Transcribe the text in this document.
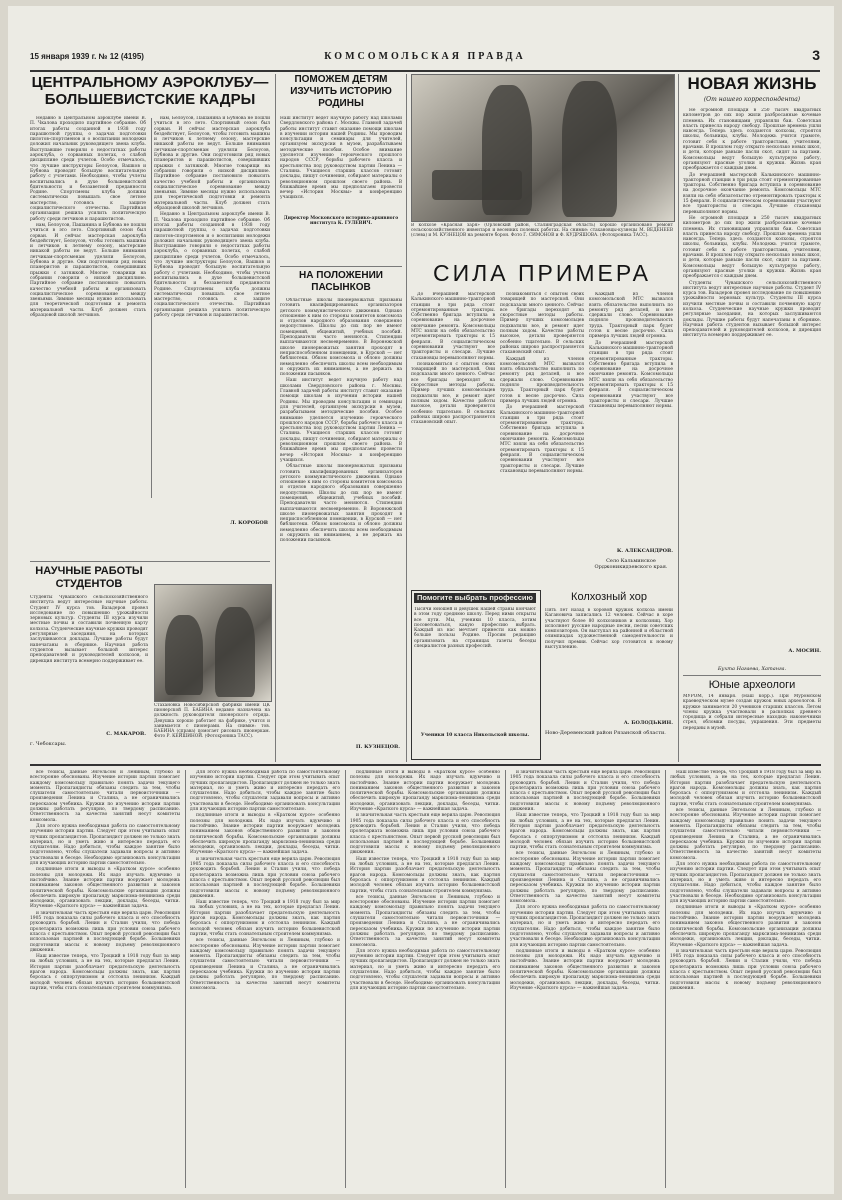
15 января 1939 г. № 12 (4195)	КОМСОМОЛЬСКАЯ ПРАВДА	3
ЦЕНТРАЛЬНОМУ АЭРОКЛУБУ— БОЛЬШЕВИСТСКИЕ КАДРЫ

Недавно в Центральном аэроклубе имени В. П. Чкалова проходило партийное собрание. Об итогах работы созданной в 1938 году парашютной группы, о задачах подготовки пилотов-спортсменов и о воспитании молодежи доложил начальник руководящего звена клуба. Выступавшие говорили о недостатках работы аэроклуба, о сорванных полетах, о слабой дисциплине среди учлетов. Особо отмечалось, что лучшие инструкторы Белоусов, Вашков и Бубнова проводят большую воспитательную работу с учлетами. Необходимо, чтобы учлеты воспитывались в духе большевистской бдительности и беззаветной преданности Родине. Спортсмены клуба должны систематически повышать свое летное мастерство, готовясь к защите социалистического отечества. Партийная организация решила усилить политическую работу среди летчиков и парашютистов.

нам, Белоусов, Пашанина и Бубнова не пошли учиться в это лето. Спортивный сезон был сорван. И сейчас мастерская аэроклуба бездействует, Белоусов, чтобы готовить машины и летчиков к летнему сезону, мастерские никакой работы не ведут. Больше внимания летчикам-спортсменам уделяли Белоусов, Бубнова и другие. Они подготовили ряд новых планеристов и парашютистов, совершивших прыжки с затяжкой. Многие товарищи на собрании говорили о низкой дисциплине. Партийное собрание постановило повысить качество учебной работы и организовать социалистическое соревнование между звеньями. Зимние месяцы нужно использовать для теоретической подготовки и ремонта материальной части. Клуб должен стать образцовой школой летчиков.

нам, Белоусов, Пашанина и Бубнова не пошли учиться в это лето. Спортивный сезон был сорван. И сейчас мастерская аэроклуба бездействует, Белоусов, чтобы готовить машины и летчиков к летнему сезону, мастерские никакой работы не ведут. Больше внимания летчикам-спортсменам уделяли Белоусов, Бубнова и другие. Они подготовили ряд новых планеристов и парашютистов, совершивших прыжки с затяжкой. Многие товарищи на собрании говорили о низкой дисциплине. Партийное собрание постановило повысить качество учебной работы и организовать социалистическое соревнование между звеньями. Зимние месяцы нужно использовать для теоретической подготовки и ремонта материальной части. Клуб должен стать образцовой школой летчиков.

Недавно в Центральном аэроклубе имени В. П. Чкалова проходило партийное собрание. Об итогах работы созданной в 1938 году парашютной группы, о задачах подготовки пилотов-спортсменов и о воспитании молодежи доложил начальник руководящего звена клуба. Выступавшие говорили о недостатках работы аэроклуба, о сорванных полетах, о слабой дисциплине среди учлетов. Особо отмечалось, что лучшие инструкторы Белоусов, Вашков и Бубнова проводят большую воспитательную работу с учлетами. Необходимо, чтобы учлеты воспитывались в духе большевистской бдительности и беззаветной преданности Родине. Спортсмены клуба должны систематически повышать свое летное мастерство, готовясь к защите социалистического отечества. Партийная организация решила усилить политическую работу среди летчиков и парашютистов.

Л. КОРОБОВ
НАУЧНЫЕ РАБОТЫ СТУДЕНТОВ
Студенты Чувашского сельскохозяйственного института ведут интересные научные работы. Студент IV курса тов. Вазьдеров провел исследование по повышению урожайности зерновых культур. Студенты III курса изучили местные почвы и составили почвенную карту колхоза. Студенческие научные кружки проводят регулярные заседания, на которых заслушиваются доклады. Лучшие работы будут напечатаны в сборнике. Научная работа студентов вызывает большой интерес преподавателей и руководителей колхозов, и дирекция института всемерно поддерживает ее.
С. МАКАРОВ.
г. Чебоксары.
Стахановка Новосибирской фабрики имени ЦК пионерской П. БАБИНА недавно назначена на должность руководителя пионерского отряда. Девушка хорошо работает на фабрике, учится и занимается с пионерами. На снимке: тов. БАБИНА (справа) помогает рисовать пионеркам. Фото Р. КЕЙШИНОЙ. (Фотохроника ТАСС).
ПОМОЖЕМ ДЕТЯМ ИЗУЧИТЬ ИСТОРИЮ РОДИНЫ
Наш институт ведет научную работу над школами Свердловского района г. Москвы. Главной задачей работы институт ставит оказание помощи школам в изучении истории нашей Родины. Мы проводим консультации и семинары для учителей, организуем экскурсии в музеи, разрабатываем методические пособия. Особое внимание уделяется изучению героического прошлого народов СССР, борьбы рабочего класса и крестьянства под руководством партии Ленина — Сталина. Учащиеся старших классов готовят доклады, пишут сочинения, собирают материалы о революционном прошлом своего района. В ближайшее время мы предполагаем провести вечер «История Москвы» и конференцию учащихся.
Директор Московского историко-архивного института К. ГУЛЕВИЧ.
НА ПОЛОЖЕНИИ ПАСЫНКОВ

Областные школы пионервожатых призваны готовить квалифицированных организаторов детского коммунистического движения. Однако отношение к ним со стороны комитетов комсомола и отделов народного образования совершенно недопустимое. Школы до сих пор не имеют помещений, общежитий, учебных пособий. Преподаватели часто меняются. Стипендии выплачиваются несвоевременно. В Воронежской школе пионервожатых занятия проходят в неприспособленном помещении, в Курской — нет библиотеки. Обком комсомола и облоно должны немедленно обеспечить школы всем необходимым и окружить их вниманием, а не держать на положении пасынков.

Наш институт ведет научную работу над школами Свердловского района г. Москвы. Главной задачей работы институт ставит оказание помощи школам в изучении истории нашей Родины. Мы проводим консультации и семинары для учителей, организуем экскурсии в музеи, разрабатываем методические пособия. Особое внимание уделяется изучению героического прошлого народов СССР, борьбы рабочего класса и крестьянства под руководством партии Ленина — Сталина. Учащиеся старших классов готовят доклады, пишут сочинения, собирают материалы о революционном прошлом своего района. В ближайшее время мы предполагаем провести вечер «История Москвы» и конференцию учащихся.

Областные школы пионервожатых призваны готовить квалифицированных организаторов детского коммунистического движения. Однако отношение к ним со стороны комитетов комсомола и отделов народного образования совершенно недопустимое. Школы до сих пор не имеют помещений, общежитий, учебных пособий. Преподаватели часто меняются. Стипендии выплачиваются несвоевременно. В Воронежской школе пионервожатых занятия проходят в неприспособленном помещении, в Курской — нет библиотеки. Обком комсомола и облоно должны немедленно обеспечить школы всем необходимым и окружить их вниманием, а не держать на положении пасынков.

П. КУЗНЕЦОВ.
В колхозе «Красная заря» (Орловский район, Сталинградская область) хорошо организовано ремонт сельскохозяйственного инвентаря и весенних полевых работах. На снимке: стахановцы-кузнецы М. ВЕДЕНЕЕВ (слева) и М. КУЗНЕЦОВ на ремонте борон. Фото Г. СИМОНОВ и Ф. КУДРЯШОВА. (Фотохроника ТАСС).
СИЛА ПРИМЕРА

До вчерашней мастерской Калькинского машинно-тракторной станции в три ряда стоят отремонтированные тракторы. Собственно бригада вступила в соревнование на досрочное окончание ремонта. Комсомольцы МТС взяли на себя обязательство отремонтировать тракторы к 15 февраля. В социалистическом соревновании участвуют все трактористы и слесари. Лучшие стахановцы перевыполняют нормы.

познакомиться с опытом своих товарищей по мастерской. Они подсказали много ценного. Сейчас все бригады переходят на скоростные методы работы. Пример лучших комсомольцев подхватили все, и ремонт идет полным ходом. Качество работы высокое, детали проверяются особенно тщательно. В сельских районах широко распространяется стахановский опыт.

познакомиться с опытом своих товарищей по мастерской. Они подсказали много ценного. Сейчас все бригады переходят на скоростные методы работы. Пример лучших комсомольцев подхватили все, и ремонт идет полным ходом. Качество работы высокое, детали проверяются особенно тщательно. В сельских районах широко распространяется стахановский опыт.

Каждый из членов комсомольской МТС вызвался взять обязательство выполнить по ремонту ряд деталей, и все сдержали слово. Соревнование подняло производительность труда. Тракторный парк будет готов к весне досрочно. Сила примера лучших людей огромна.

До вчерашней мастерской Калькинского машинно-тракторной станции в три ряда стоят отремонтированные тракторы. Собственно бригада вступила в соревнование на досрочное окончание ремонта. Комсомольцы МТС взяли на себя обязательство отремонтировать тракторы к 15 февраля. В социалистическом соревновании участвуют все трактористы и слесари. Лучшие стахановцы перевыполняют нормы.

Каждый из членов комсомольской МТС вызвался взять обязательство выполнить по ремонту ряд деталей, и все сдержали слово. Соревнование подняло производительность труда. Тракторный парк будет готов к весне досрочно. Сила примера лучших людей огромна.

До вчерашней мастерской Калькинского машинно-тракторной станции в три ряда стоят отремонтированные тракторы. Собственно бригада вступила в соревнование на досрочное окончание ремонта. Комсомольцы МТС взяли на себя обязательство отремонтировать тракторы к 15 февраля. В социалистическом соревновании участвуют все трактористы и слесари. Лучшие стахановцы перевыполняют нормы.

К. АЛЕКСАНДРОВ.
Село Кальминское Орджоникидзевского края.
Помогите выбрать профессию
Тысячи юношей и девушек нашей страны кончают в этом году среднюю школу. Перед ними открыты все пути. Мы, ученики 10 класса, хотим посоветоваться, какую профессию выбрать. Каждый из нас мечтает принести как можно больше пользы Родине. Просим редакцию организовать на страницах газеты беседы специалистов разных профессий.
Ученики 10 класса Никольской школы.
Колхозный хор
Пять лет назад в хоровой кружок колхоза имени Кагановича записались 12 человек. Сейчас в хоре участвуют более 80 колхозников и колхозниц. Хор исполняет русские народные песни, песни советских композиторов. Он выступал на районной и областной олимпиадах художественной самодеятельности и получил премии. Сейчас хор готовится к новому выступлению.
А. БОЛОДЬКИН.
Ново-Деревенский район Рязанской области.
НОВАЯ ЖИЗНЬ
(От нашего корреспондента)

Не огромной площади в 250 тысяч квадратных километров до сих пор жили разбросанные кочевые племена. Их становищами управляли баи. Советская власть принесла народу свободу. Прошлые времена ушли навсегда. Теперь здесь создаются колхозы, строятся школы, больницы, клубы. Молодежь учится грамоте, готовит себя к работе трактористами, учителями, врачами. В прошлом году открыто несколько новых школ, и дети, которые раньше пасли скот, сидят за партами. Комсомольцы ведут большую культурную работу, организуют красные уголки и кружки. Жизнь края преображается с каждым днем.

До вчерашней мастерской Калькинского машинно-тракторной станции в три ряда стоят отремонтированные тракторы. Собственно бригада вступила в соревнование на досрочное окончание ремонта. Комсомольцы МТС взяли на себя обязательство отремонтировать тракторы к 15 февраля. В социалистическом соревновании участвуют все трактористы и слесари. Лучшие стахановцы перевыполняют нормы.

Не огромной площади в 250 тысяч квадратных километров до сих пор жили разбросанные кочевые племена. Их становищами управляли баи. Советская власть принесла народу свободу. Прошлые времена ушли навсегда. Теперь здесь создаются колхозы, строятся школы, больницы, клубы. Молодежь учится грамоте, готовит себя к работе трактористами, учителями, врачами. В прошлом году открыто несколько новых школ, и дети, которые раньше пасли скот, сидят за партами. Комсомольцы ведут большую культурную работу, организуют красные уголки и кружки. Жизнь края преображается с каждым днем.

Студенты Чувашского сельскохозяйственного института ведут интересные научные работы. Студент IV курса тов. Вазьдеров провел исследование по повышению урожайности зерновых культур. Студенты III курса изучили местные почвы и составили почвенную карту колхоза. Студенческие научные кружки проводят регулярные заседания, на которых заслушиваются доклады. Лучшие работы будут напечатаны в сборнике. Научная работа студентов вызывает большой интерес преподавателей и руководителей колхозов, и дирекция института всемерно поддерживает ее.

А. МОСИН.
Бухта Нагаева, Хатанга.
Юные археологи
МУРОМ, 14 января. (Наш корр.). При Муромском краеведческом музее создан кружок юных археологов. В кружке занимается 20 учеников старших классов. Летом члены кружка участвовали в раскопках древнего городища и собрали интересные находки: наконечники стрел, обломки посуды, украшения. Эти предметы переданы в музей.

все тезисы, данные Энгельсом и Лениным, глубоко и всесторонне обоснованы. Изучение истории партии помогает каждому комсомольцу правильно понять задачи текущего момента. Пропагандисты обязаны следить за тем, чтобы слушатели самостоятельно читали первоисточники — произведения Ленина и Сталина, а не ограничивались пересказом учебника. Кружки по изучению истории партии должны работать регулярно, по твердому расписанию. Ответственность за качество занятий несут комитеты комсомола.

Для этого нужна необходимая работа по самостоятельному изучению истории партии. Следует при этом учитывать опыт лучших пропагандистов. Пропагандист должен не только знать материал, но и уметь живо и интересно передать его слушателям. Надо добиться, чтобы каждое занятие было подготовлено, чтобы слушатели задавали вопросы и активно участвовали в беседе. Необходимо организовать консультации для изучающих историю партии самостоятельно.

подлинные итоги и выводы в «Кратком курсе» особенно полезны для молодежи. Их надо изучать вдумчиво и настойчиво. Знание истории партии вооружает молодежь пониманием законов общественного развития и законов политической борьбы. Комсомольские организации должны обеспечить широкую пропаганду марксизма-ленинизма среди молодежи, организовать лекции, доклады, беседы, читки. Изучение «Краткого курса» — важнейшая задача.

и значительная часть крестьян еще верила царю. Революция 1905 года показала силы рабочего класса и его способность руководить борьбой. Ленин и Сталин учили, что победа пролетариата возможна лишь при условии союза рабочего класса с крестьянством. Опыт первой русской революции был использован партией в последующей борьбе. Большевики подготовили массы к новому подъему революционного движения.

Наш известие теперь, что Троцкий в 1918 году был за мир на любых условиях, а не на тех, которые предлагал Ленин. История партии разоблачает предательскую деятельность врагов народа. Комсомольцы должны знать, как партия боролась с оппортунизмом и отстояла ленинизм. Каждый молодой человек обязан изучить историю большевистской партии, чтобы стать сознательным строителем коммунизма.

Для этого нужна необходимая работа по самостоятельному изучению истории партии. Следует при этом учитывать опыт лучших пропагандистов. Пропагандист должен не только знать материал, но и уметь живо и интересно передать его слушателям. Надо добиться, чтобы каждое занятие было подготовлено, чтобы слушатели задавали вопросы и активно участвовали в беседе. Необходимо организовать консультации для изучающих историю партии самостоятельно.

подлинные итоги и выводы в «Кратком курсе» особенно полезны для молодежи. Их надо изучать вдумчиво и настойчиво. Знание истории партии вооружает молодежь пониманием законов общественного развития и законов политической борьбы. Комсомольские организации должны обеспечить широкую пропаганду марксизма-ленинизма среди молодежи, организовать лекции, доклады, беседы, читки. Изучение «Краткого курса» — важнейшая задача.

и значительная часть крестьян еще верила царю. Революция 1905 года показала силы рабочего класса и его способность руководить борьбой. Ленин и Сталин учили, что победа пролетариата возможна лишь при условии союза рабочего класса с крестьянством. Опыт первой русской революции был использован партией в последующей борьбе. Большевики подготовили массы к новому подъему революционного движения.

Наш известие теперь, что Троцкий в 1918 году был за мир на любых условиях, а не на тех, которые предлагал Ленин. История партии разоблачает предательскую деятельность врагов народа. Комсомольцы должны знать, как партия боролась с оппортунизмом и отстояла ленинизм. Каждый молодой человек обязан изучить историю большевистской партии, чтобы стать сознательным строителем коммунизма.

все тезисы, данные Энгельсом и Лениным, глубоко и всесторонне обоснованы. Изучение истории партии помогает каждому комсомольцу правильно понять задачи текущего момента. Пропагандисты обязаны следить за тем, чтобы слушатели самостоятельно читали первоисточники — произведения Ленина и Сталина, а не ограничивались пересказом учебника. Кружки по изучению истории партии должны работать регулярно, по твердому расписанию. Ответственность за качество занятий несут комитеты комсомола.

подлинные итоги и выводы в «Кратком курсе» особенно полезны для молодежи. Их надо изучать вдумчиво и настойчиво. Знание истории партии вооружает молодежь пониманием законов общественного развития и законов политической борьбы. Комсомольские организации должны обеспечить широкую пропаганду марксизма-ленинизма среди молодежи, организовать лекции, доклады, беседы, читки. Изучение «Краткого курса» — важнейшая задача.

и значительная часть крестьян еще верила царю. Революция 1905 года показала силы рабочего класса и его способность руководить борьбой. Ленин и Сталин учили, что победа пролетариата возможна лишь при условии союза рабочего класса с крестьянством. Опыт первой русской революции был использован партией в последующей борьбе. Большевики подготовили массы к новому подъему революционного движения.

Наш известие теперь, что Троцкий в 1918 году был за мир на любых условиях, а не на тех, которые предлагал Ленин. История партии разоблачает предательскую деятельность врагов народа. Комсомольцы должны знать, как партия боролась с оппортунизмом и отстояла ленинизм. Каждый молодой человек обязан изучить историю большевистской партии, чтобы стать сознательным строителем коммунизма.

все тезисы, данные Энгельсом и Лениным, глубоко и всесторонне обоснованы. Изучение истории партии помогает каждому комсомольцу правильно понять задачи текущего момента. Пропагандисты обязаны следить за тем, чтобы слушатели самостоятельно читали первоисточники — произведения Ленина и Сталина, а не ограничивались пересказом учебника. Кружки по изучению истории партии должны работать регулярно, по твердому расписанию. Ответственность за качество занятий несут комитеты комсомола.

Для этого нужна необходимая работа по самостоятельному изучению истории партии. Следует при этом учитывать опыт лучших пропагандистов. Пропагандист должен не только знать материал, но и уметь живо и интересно передать его слушателям. Надо добиться, чтобы каждое занятие было подготовлено, чтобы слушатели задавали вопросы и активно участвовали в беседе. Необходимо организовать консультации для изучающих историю партии самостоятельно.

и значительная часть крестьян еще верила царю. Революция 1905 года показала силы рабочего класса и его способность руководить борьбой. Ленин и Сталин учили, что победа пролетариата возможна лишь при условии союза рабочего класса с крестьянством. Опыт первой русской революции был использован партией в последующей борьбе. Большевики подготовили массы к новому подъему революционного движения.

Наш известие теперь, что Троцкий в 1918 году был за мир на любых условиях, а не на тех, которые предлагал Ленин. История партии разоблачает предательскую деятельность врагов народа. Комсомольцы должны знать, как партия боролась с оппортунизмом и отстояла ленинизм. Каждый молодой человек обязан изучить историю большевистской партии, чтобы стать сознательным строителем коммунизма.

все тезисы, данные Энгельсом и Лениным, глубоко и всесторонне обоснованы. Изучение истории партии помогает каждому комсомольцу правильно понять задачи текущего момента. Пропагандисты обязаны следить за тем, чтобы слушатели самостоятельно читали первоисточники — произведения Ленина и Сталина, а не ограничивались пересказом учебника. Кружки по изучению истории партии должны работать регулярно, по твердому расписанию. Ответственность за качество занятий несут комитеты комсомола.

Для этого нужна необходимая работа по самостоятельному изучению истории партии. Следует при этом учитывать опыт лучших пропагандистов. Пропагандист должен не только знать материал, но и уметь живо и интересно передать его слушателям. Надо добиться, чтобы каждое занятие было подготовлено, чтобы слушатели задавали вопросы и активно участвовали в беседе. Необходимо организовать консультации для изучающих историю партии самостоятельно.

подлинные итоги и выводы в «Кратком курсе» особенно полезны для молодежи. Их надо изучать вдумчиво и настойчиво. Знание истории партии вооружает молодежь пониманием законов общественного развития и законов политической борьбы. Комсомольские организации должны обеспечить широкую пропаганду марксизма-ленинизма среди молодежи, организовать лекции, доклады, беседы, читки. Изучение «Краткого курса» — важнейшая задача.

Наш известие теперь, что Троцкий в 1918 году был за мир на любых условиях, а не на тех, которые предлагал Ленин. История партии разоблачает предательскую деятельность врагов народа. Комсомольцы должны знать, как партия боролась с оппортунизмом и отстояла ленинизм. Каждый молодой человек обязан изучить историю большевистской партии, чтобы стать сознательным строителем коммунизма.

все тезисы, данные Энгельсом и Лениным, глубоко и всесторонне обоснованы. Изучение истории партии помогает каждому комсомольцу правильно понять задачи текущего момента. Пропагандисты обязаны следить за тем, чтобы слушатели самостоятельно читали первоисточники — произведения Ленина и Сталина, а не ограничивались пересказом учебника. Кружки по изучению истории партии должны работать регулярно, по твердому расписанию. Ответственность за качество занятий несут комитеты комсомола.

Для этого нужна необходимая работа по самостоятельному изучению истории партии. Следует при этом учитывать опыт лучших пропагандистов. Пропагандист должен не только знать материал, но и уметь живо и интересно передать его слушателям. Надо добиться, чтобы каждое занятие было подготовлено, чтобы слушатели задавали вопросы и активно участвовали в беседе. Необходимо организовать консультации для изучающих историю партии самостоятельно.

подлинные итоги и выводы в «Кратком курсе» особенно полезны для молодежи. Их надо изучать вдумчиво и настойчиво. Знание истории партии вооружает молодежь пониманием законов общественного развития и законов политической борьбы. Комсомольские организации должны обеспечить широкую пропаганду марксизма-ленинизма среди молодежи, организовать лекции, доклады, беседы, читки. Изучение «Краткого курса» — важнейшая задача.

и значительная часть крестьян еще верила царю. Революция 1905 года показала силы рабочего класса и его способность руководить борьбой. Ленин и Сталин учили, что победа пролетариата возможна лишь при условии союза рабочего класса с крестьянством. Опыт первой русской революции был использован партией в последующей борьбе. Большевики подготовили массы к новому подъему революционного движения.
